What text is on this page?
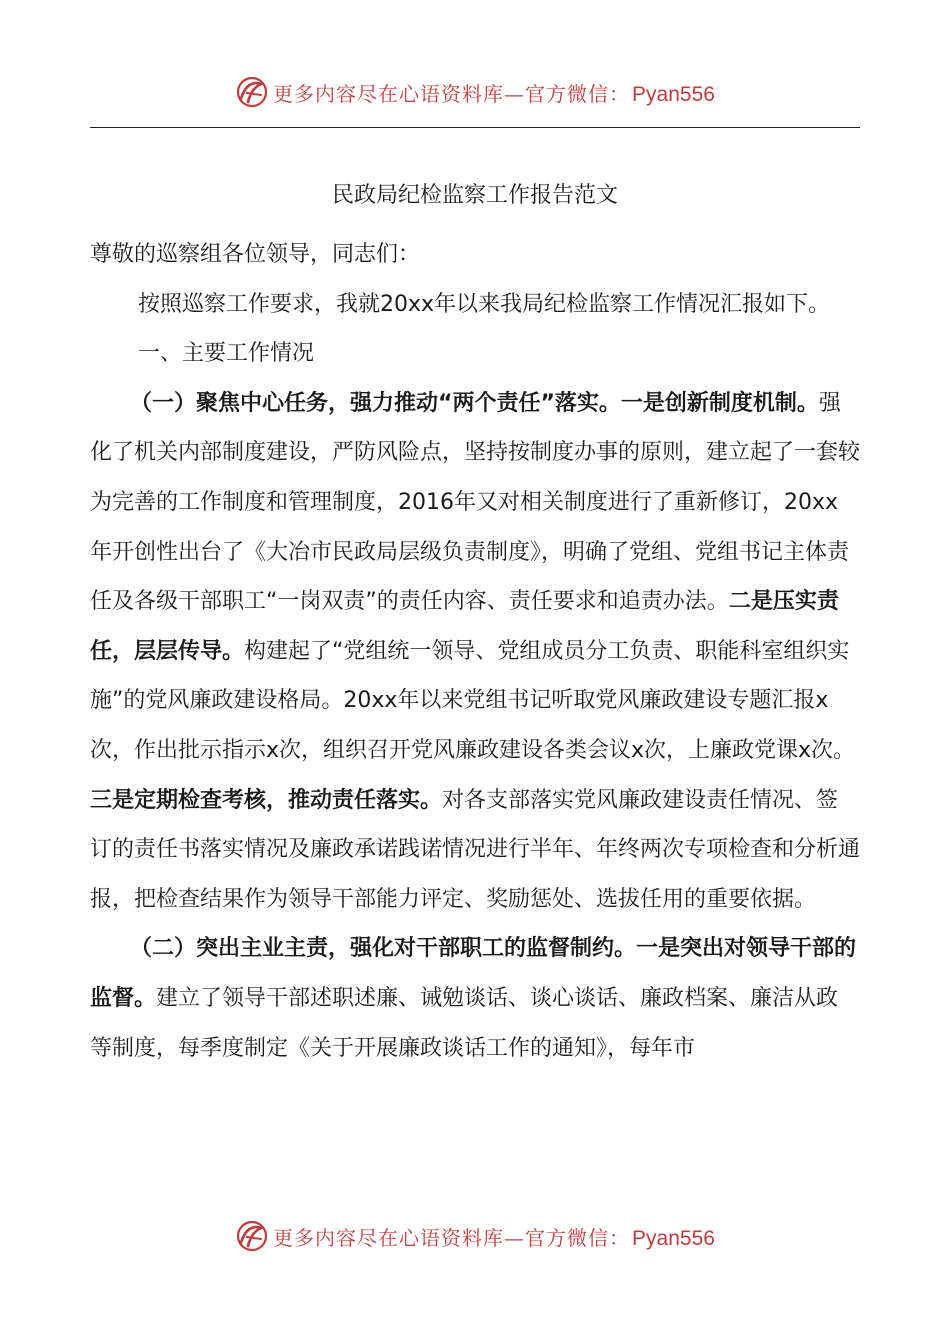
更多内容尽在心语资料库—官方微信：Pyan556
民政局纪检监察工作报告范文

尊敬的巡察组各位领导，同志们：

按照巡察工作要求，我就20xx年以来我局纪检监察工作情况汇报如下。

一、主要工作情况

（一）聚焦中心任务，强力推动“两个责任”落实。一是创新制度机制。强化了机关内部制度建设，严防风险点，坚持按制度办事的原则，建立起了一套较为完善的工作制度和管理制度，2016年又对相关制度进行了重新修订，20xx年开创性出台了《大冶市民政局层级负责制度》，明确了党组、党组书记主体责任及各级干部职工“一岗双责”的责任内容、责任要求和追责办法。二是压实责任，层层传导。构建起了“党组统一领导、党组成员分工负责、职能科室组织实施”的党风廉政建设格局。20xx年以来党组书记听取党风廉政建设专题汇报x次，作出批示指示x次，组织召开党风廉政建设各类会议x次，上廉政党课x次。三是定期检查考核，推动责任落实。对各支部落实党风廉政建设责任情况、签订的责任书落实情况及廉政承诺践诺情况进行半年、年终两次专项检查和分析通报，把检查结果作为领导干部能力评定、奖励惩处、选拔任用的重要依据。

（二）突出主业主责，强化对干部职工的监督制约。一是突出对领导干部的监督。建立了领导干部述职述廉、诫勉谈话、谈心谈话、廉政档案、廉洁从政等制度，每季度制定《关于开展廉政谈话工作的通知》，每年市

更多内容尽在心语资料库—官方微信：Pyan556
